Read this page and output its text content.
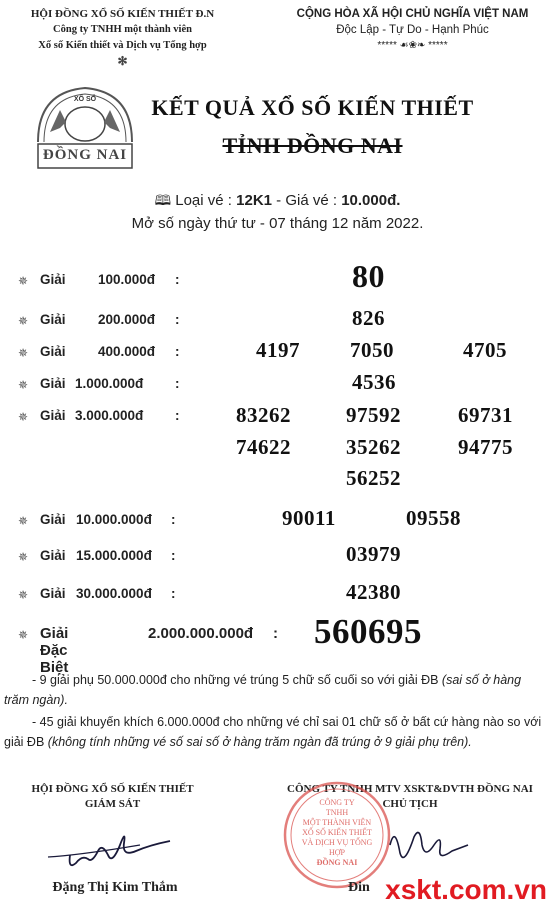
HỘI ĐỒNG XỔ SỐ KIẾN THIẾT Đ.N
Công ty TNHH một thành viên
Xổ số Kiến thiết và Dịch vụ Tổng hợp
✻
CỘNG HÒA XÃ HỘI CHỦ NGHĨA VIỆT NAM
Độc Lập - Tự Do - Hạnh Phúc
***** ☙❀❧ *****
XỔ SỐ
ĐỒNG NAI
KẾT QUẢ XỔ SỐ KIẾN THIẾT
TỈNH ĐỒNG NAI
🕮 Loại vé : 12K1 - Giá vé : 10.000đ.
Mở số ngày thứ tư - 07 tháng 12 năm 2022.
✵ Giải 100.000đ :	80
✵ Giải 200.000đ :	826
✵ Giải 400.000đ :	4197 7050	4705
✵ Giải 1.000.000đ :	4536
✵ Giải 3.000.000đ :	83262	97592	69731
74622	35262	94775
56252
✵ Giải 10.000.000đ :	90011	09558
✵ Giải 15.000.000đ :	03979
✵ Giải 30.000.000đ :	42380
✵ Giải Đặc Biệt
2.000.000.000đ : 560695
- 9 giải phụ 50.000.000đ cho những vé trúng 5 chữ số cuối so với giải ĐB (sai số ở hàng trăm ngàn).
- 45 giải khuyến khích 6.000.000đ cho những vé chỉ sai 01 chữ số ở bất cứ hàng nào so với giải ĐB (không tính những vé số sai số ở hàng trăm ngàn đã trúng ở 9 giải phụ trên).
HỘI ĐỒNG XỔ SỐ KIẾN THIẾT
GIÁM SÁT
Đặng Thị Kim Thắm
CÔNG TY TNHH MTV XSKT&DVTH ĐỒNG NAI
CHỦ TỊCH
CÔNG TY
TNHH
MỘT THÀNH VIÊN
XỔ SỐ KIẾN THIẾT
VÀ DỊCH VỤ TỔNG HỢP
ĐỒNG NAI
Đin xskt.com.vn
